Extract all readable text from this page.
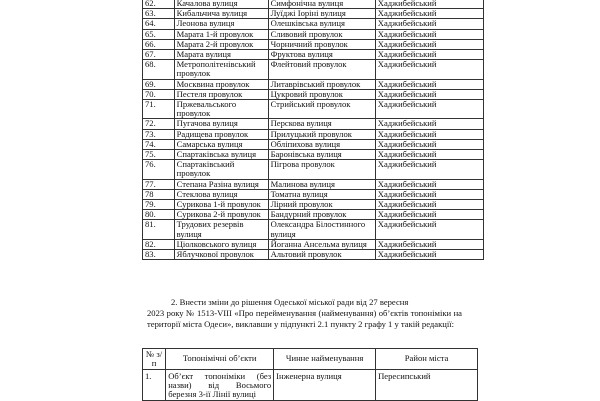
62.	Качалова вулиця	Симфонічна вулиця	Хаджибейський
63.	Кибальчича вулиця	Луїджі Іоріні вулиця	Хаджибейський
64.	Леонова вулиця	Олешківська вулиця	Хаджибейський
65.	Марата 1-й провулок	Сливовий провулок	Хаджибейський
66.	Марата 2-й провулок	Чорничний провулок	Хаджибейський
67.	Марата вулиця	Фруктова вулиця	Хаджибейський
68.	Метрополітенівський провулок	Флейтовий провулок	Хаджибейський
69.	Москвина провулок	Литаврівський провулок	Хаджибейський
70.	Пестеля провулок	Цукровий провулок	Хаджибейський
71.	Пржевальського провулок	Стрийський провулок	Хаджибейський
72.	Пугачова вулиця	Перскова вулиця	Хаджибейський
73.	Радищева провулок	Прилуцький провулок	Хаджибейський
74.	Самарська вулиця	Обліпихова вулиця	Хаджибейський
75.	Спартаківська вулиця	Баронівська вулиця	Хаджибейський
76.	Спартаківський провулок	Пігрова провулок	Хаджибейський
77.	Степана Разіна вулиця	Малинова вулиця	Хаджибейський
78	Стеклова вулиця	Томатна вулиця	Хаджибейський
79.	Сурикова 1-й провулок	Лірний провулок	Хаджибейський
80.	Сурикова 2-й провулок	Бандурний провулок	Хаджибейський
81.	Трудових резервів вулиця	Олександра Білостинного вулиця	Хаджибейський
82.	Ціолковського вулиця	Йоганна Ансельма вулиця	Хаджибейський
83.	Яблучкової провулок	Альтовий провулок	Хаджибейський
2. Внести зміни до рішення Одеської міської ради від 27 вересня
2023 року № 1513-VIII «Про перейменування (найменування) об’єктів топоніміки на території міста Одеси», виклавши у підпункті 2.1 пункту 2 графу 1 у такій редакції:
№ з/п	Топонімічні об’єкти	Чинне найменування	Район міста
1.	Об’єкт топоніміки (без назви) від Восьмого березня 3-ії Лінії вулиці	Інженерна вулиця	Пересипський
